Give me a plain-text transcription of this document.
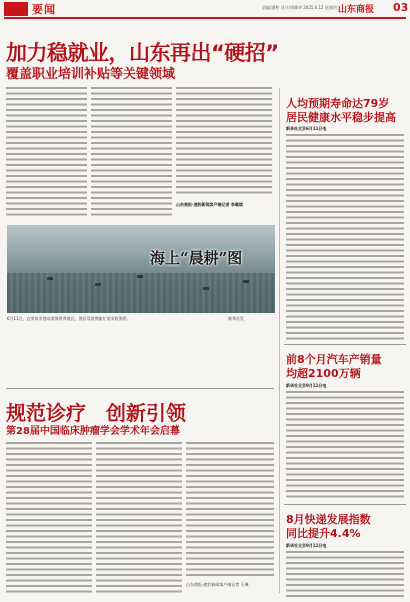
要闻	责编/潘积 设计/胡肇华 2025.6.12 星期四 山东商报 03
加力稳就业，山东再出“硬招”
覆盖职业培训补贴等关键领域
山东商报·速豹新闻客户端记者 李璐琪
海上“晨耕”图
6月11日，在荣成市俚岛湾海带养殖区，渔民驾驶渔船忙着采收海带。	新华社发
人均预期寿命达79岁
居民健康水平稳步提高
新华社北京6月11日电
前8个月汽车产销量
均超2100万辆
新华社北京9月11日电
8月快递发展指数
同比提升4.4%
新华社北京9月11日电
规范诊疗　创新引领
第28届中国临床肿瘤学会学术年会启幕
山东商报·速豹新闻客户端记者 王琳
